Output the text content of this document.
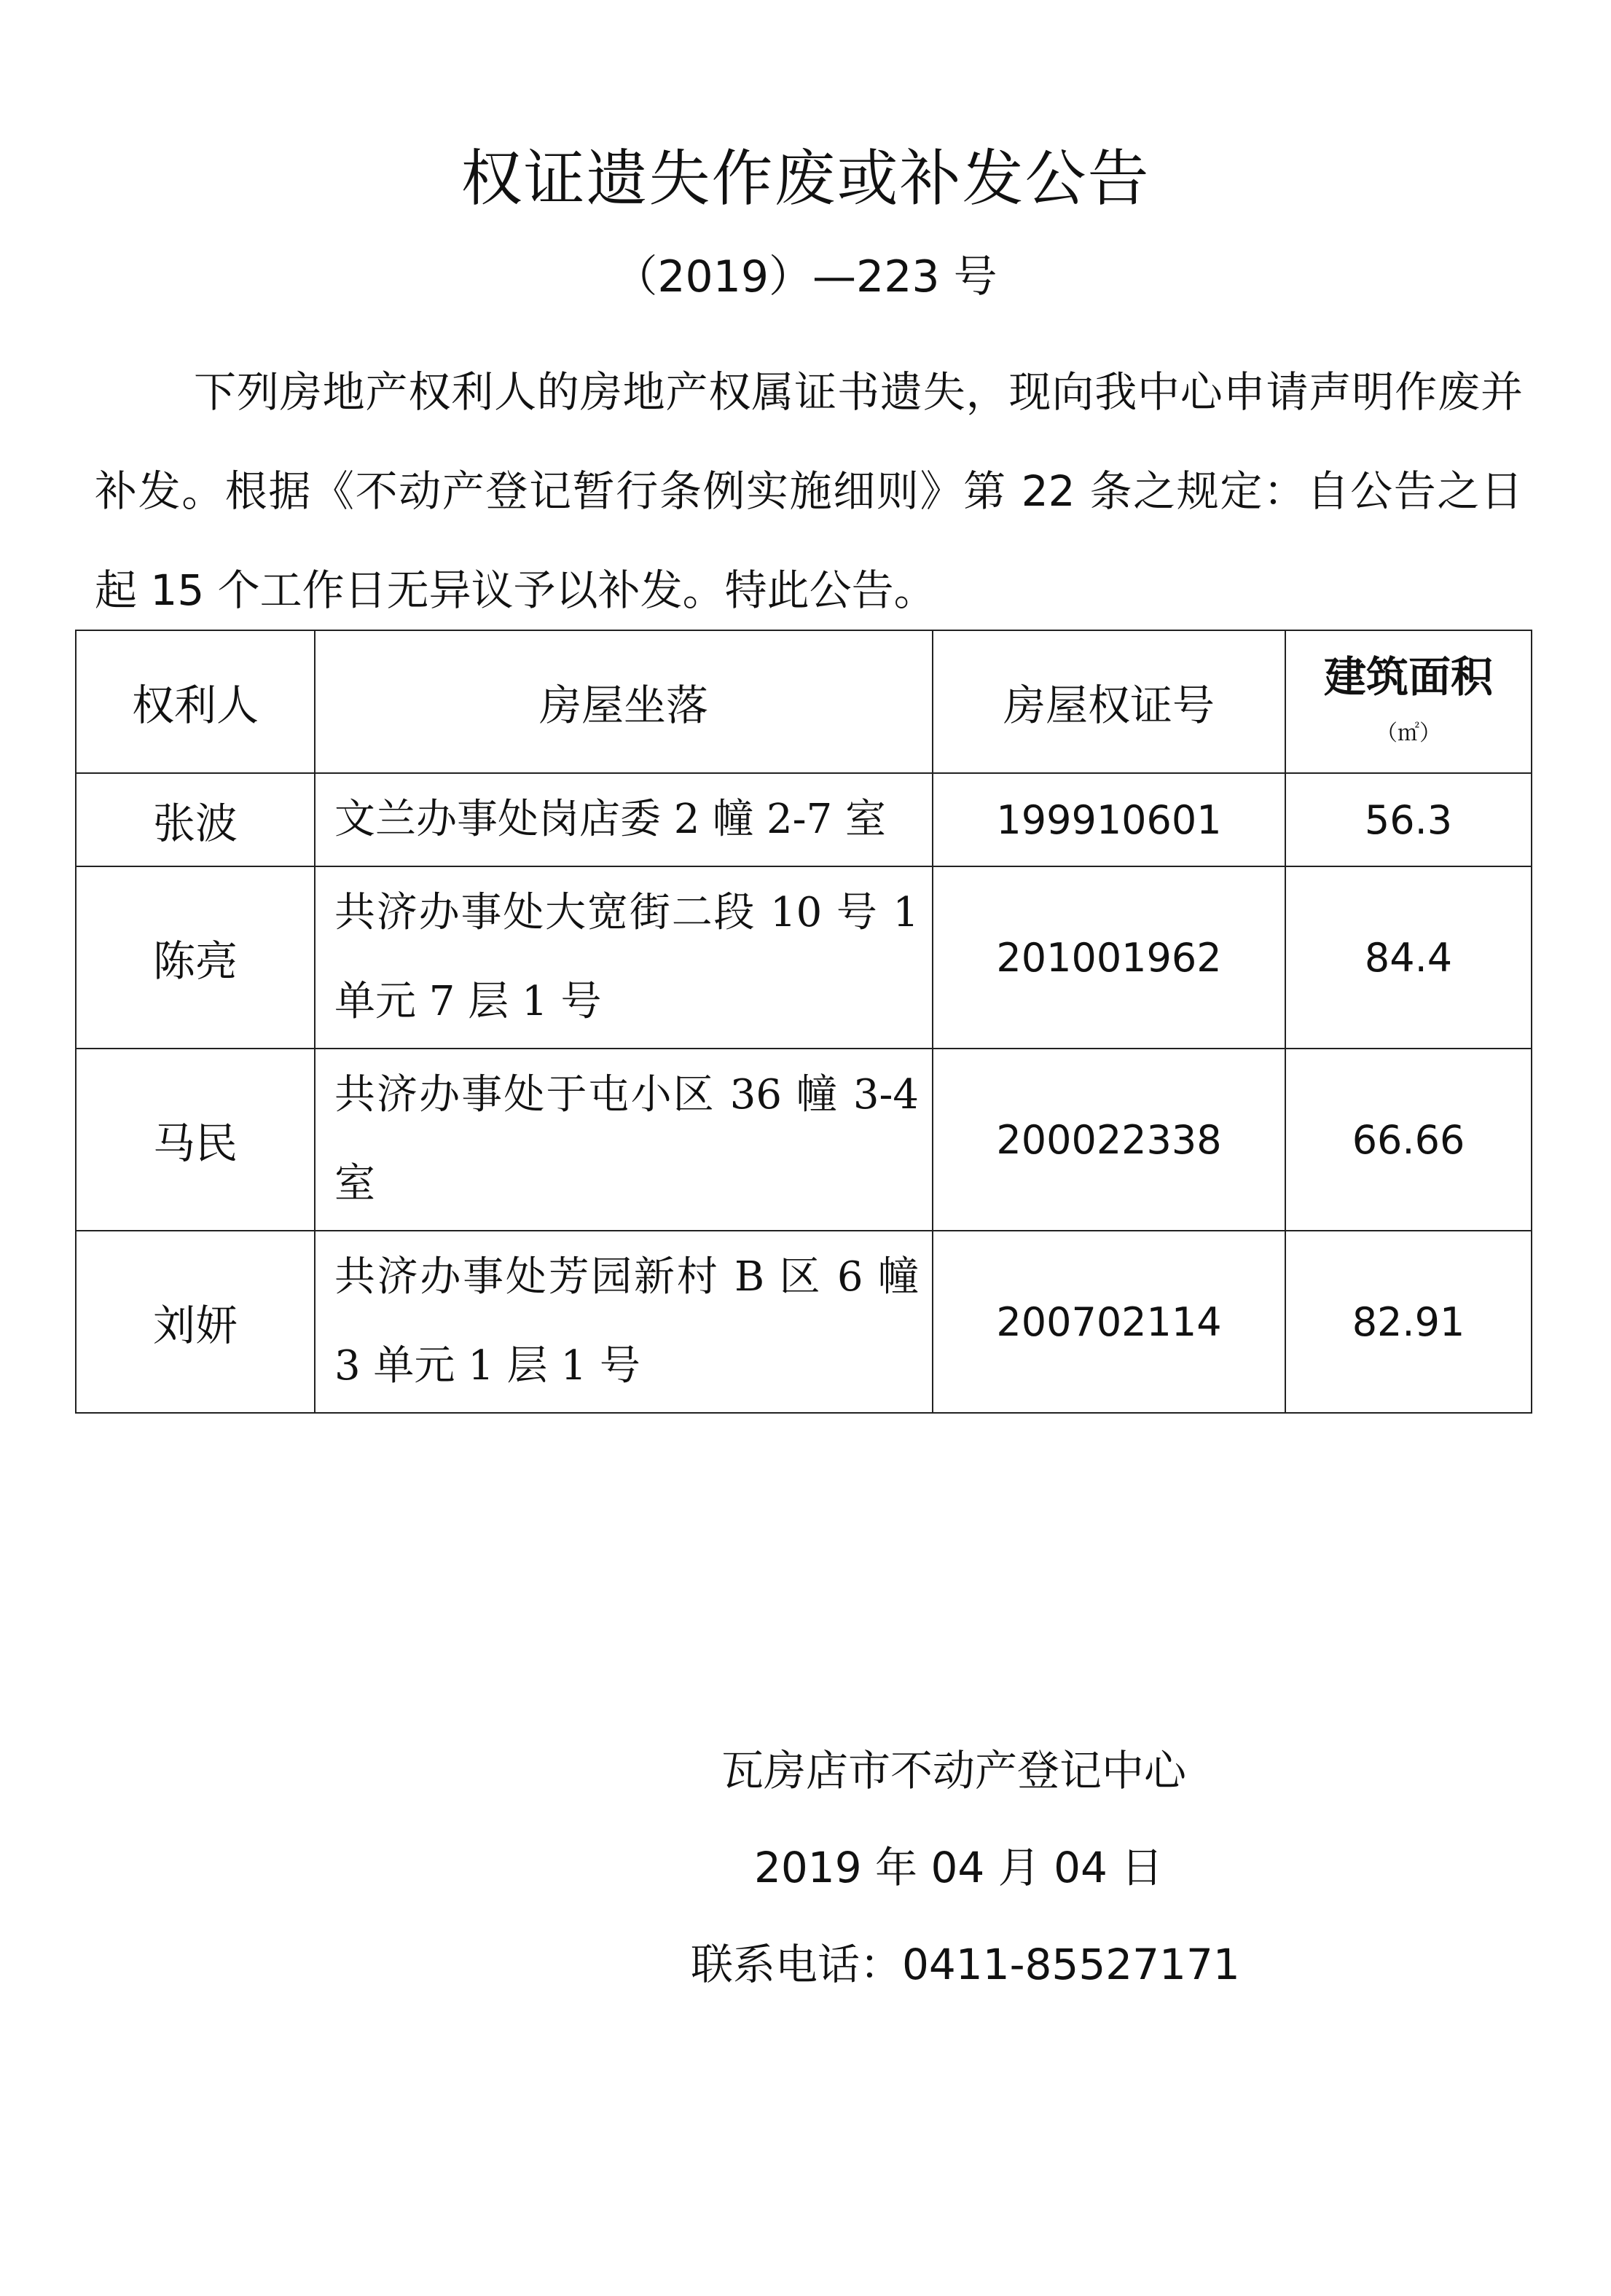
权证遗失作废或补发公告
（2019）—223 号

下列房地产权利人的房地产权属证书遗失，现向我中心申请声明作废并补发。根据《不动产登记暂行条例实施细则》第 22 条之规定：自公告之日起 15 个工作日无异议予以补发。特此公告。

权利人	房屋坐落	房屋权证号	建筑面积
（㎡）

张波	文兰办事处岗店委 2 幢 2-7 室	199910601	56.3
陈亮	共济办事处大宽街二段 10 号 1 单元 7 层 1 号	201001962	84.4
马民	共济办事处于屯小区 36 幢 3-4 室	200022338	66.66
刘妍	共济办事处芳园新村 B 区 6 幢 3 单元 1 层 1 号	200702114	82.91
瓦房店市不动产登记中心
2019 年 04 月 04 日
联系电话：0411-85527171
